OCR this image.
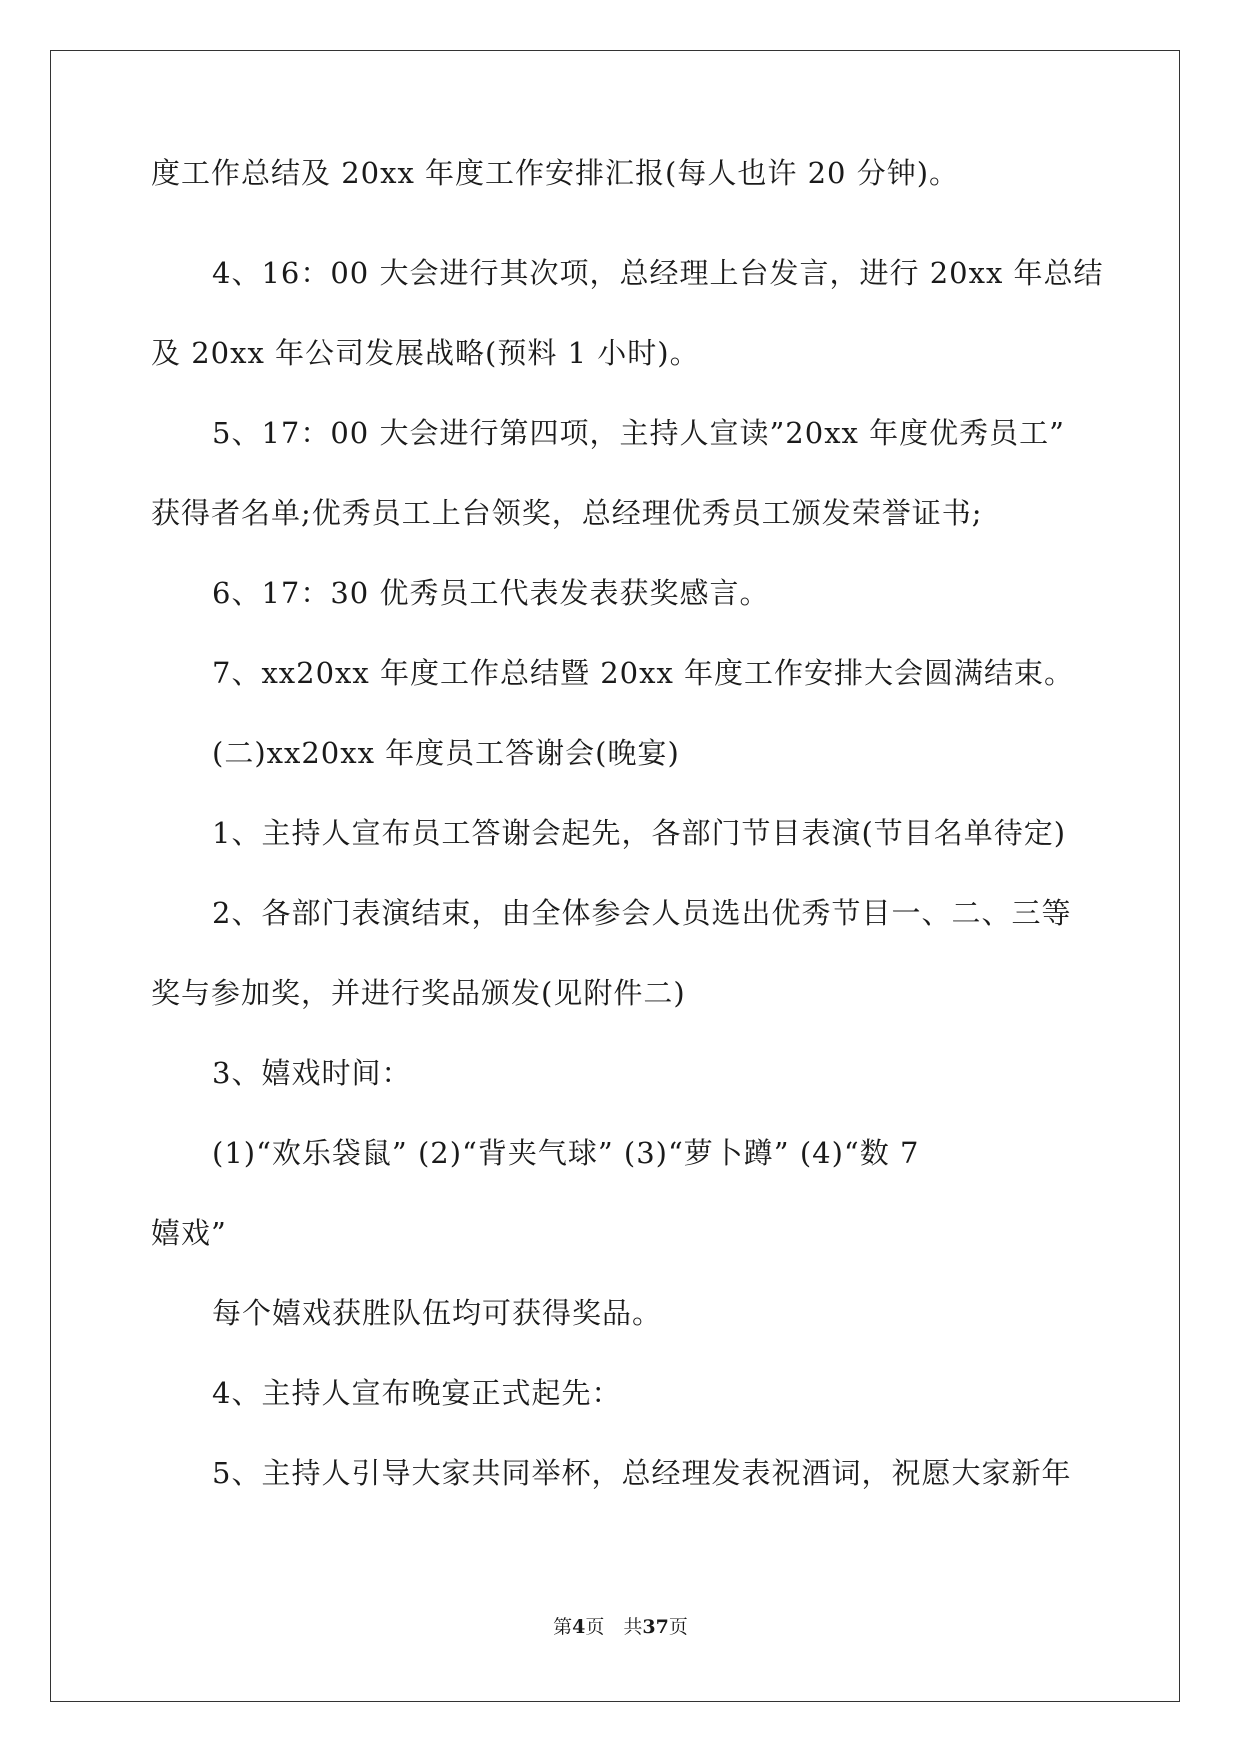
度工作总结及 20xx 年度工作安排汇报(每人也许 20 分钟)。
4、16：00 大会进行其次项，总经理上台发言，进行 20xx 年总结
及 20xx 年公司发展战略(预料 1 小时)。
5、17：00 大会进行第四项，主持人宣读”20xx 年度优秀员工”
获得者名单;优秀员工上台领奖，总经理优秀员工颁发荣誉证书;
6、17：30 优秀员工代表发表获奖感言。
7、xx20xx 年度工作总结暨 20xx 年度工作安排大会圆满结束。
(二)xx20xx 年度员工答谢会(晚宴)
1、主持人宣布员工答谢会起先，各部门节目表演(节目名单待定)
2、各部门表演结束，由全体参会人员选出优秀节目一、二、三等
奖与参加奖，并进行奖品颁发(见附件二)
3、嬉戏时间：
(1)“欢乐袋鼠” (2)“背夹气球” (3)“萝卜蹲” (4)“数 7
嬉戏”
每个嬉戏获胜队伍均可获得奖品。
4、主持人宣布晚宴正式起先：
5、主持人引导大家共同举杯，总经理发表祝酒词，祝愿大家新年
第4页　共37页
